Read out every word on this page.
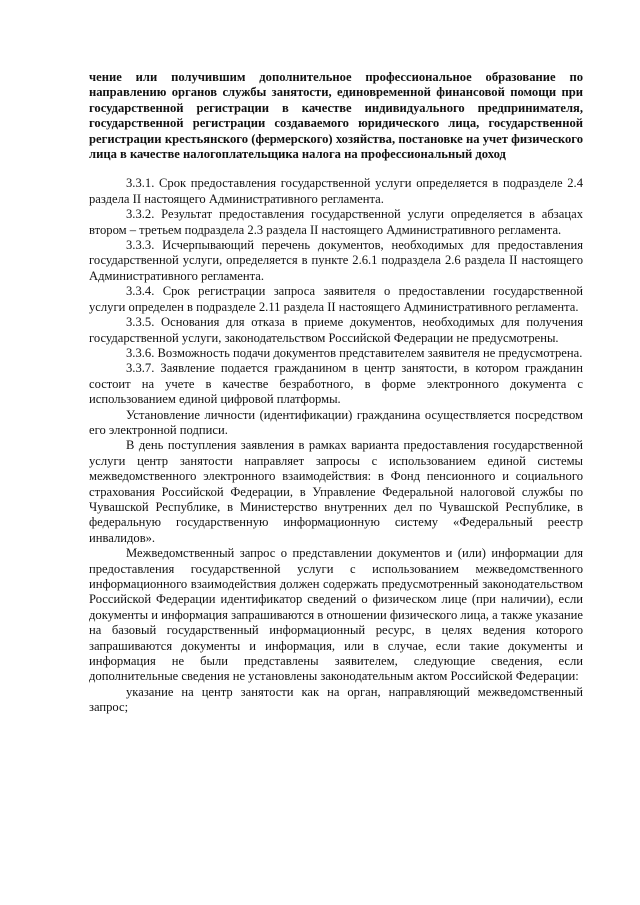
чение или получившим дополнительное профессиональное образование по направлению органов службы занятости, единовременной финансовой помощи при государственной регистрации в качестве индивидуального предпринимателя, государственной регистрации создаваемого юридического лица, государственной регистрации крестьянского (фермерского) хозяйства, постановке на учет физического лица в качестве налогоплательщика налога на профессиональный доход

3.3.1. Срок предоставления государственной услуги определяется в подразделе 2.4 раздела II настоящего Административного регламента.

3.3.2. Результат предоставления государственной услуги определяется в абзацах втором – третьем подраздела 2.3 раздела II настоящего Административного регламента.

3.3.3. Исчерпывающий перечень документов, необходимых для предоставления государственной услуги, определяется в пункте 2.6.1 подраздела 2.6 раздела II настоящего Административного регламента.

3.3.4. Срок регистрации запроса заявителя о предоставлении государственной услуги определен в подразделе 2.11 раздела II настоящего Административного регламента.

3.3.5. Основания для отказа в приеме документов, необходимых для получения государственной услуги, законодательством Российской Федерации не предусмотрены.

3.3.6. Возможность подачи документов представителем заявителя не предусмотрена.

3.3.7. Заявление подается гражданином в центр занятости, в котором гражданин состоит на учете в качестве безработного, в форме электронного документа с использованием единой цифровой платформы.

Установление личности (идентификации) гражданина осуществляется посредством его электронной подписи.

В день поступления заявления в рамках варианта предоставления государственной услуги центр занятости направляет запросы с использованием единой системы межведомственного электронного взаимодействия: в Фонд пенсионного и социального страхования Российской Федерации, в Управление Федеральной налоговой службы по Чувашской Республике, в Министерство внутренних дел по Чувашской Республике, в федеральную государственную информационную систему «Федеральный реестр инвалидов».

Межведомственный запрос о представлении документов и (или) информации для предоставления государственной услуги с использованием межведомственного информационного взаимодействия должен содержать предусмотренный законодательством Российской Федерации идентификатор сведений о физическом лице (при наличии), если документы и информация запрашиваются в отношении физического лица, а также указание на базовый государственный информационный ресурс, в целях ведения которого запрашиваются документы и информация, или в случае, если такие документы и информация не были представлены заявителем, следующие сведения, если дополнительные сведения не установлены законодательным актом Российской Федерации:

указание на центр занятости как на орган, направляющий межведомственный запрос;
